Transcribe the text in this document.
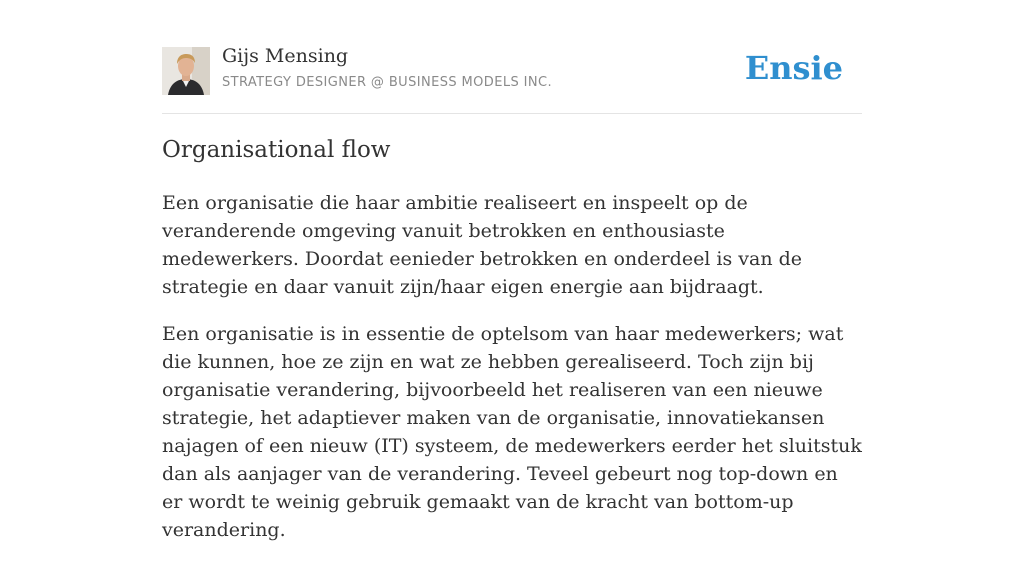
Gijs Mensing
STRATEGY DESIGNER @ BUSINESS MODELS INC.	Ensie
Organisational flow

Een organisatie die haar ambitie realiseert en inspeelt op de veranderende omgeving vanuit betrokken en enthousiaste medewerkers. Doordat eenieder betrokken en onderdeel is van de strategie en daar vanuit zijn/haar eigen energie aan bijdraagt.

Een organisatie is in essentie de optelsom van haar medewerkers; wat die kunnen, hoe ze zijn en wat ze hebben gerealiseerd. Toch zijn bij organisatie verandering, bijvoorbeeld het realiseren van een nieuwe strategie, het adaptiever maken van de organisatie, innovatiekansen najagen of een nieuw (IT) systeem, de medewerkers eerder het sluitstuk dan als aanjager van de verandering. Teveel gebeurt nog top-down en er wordt te weinig gebruik gemaakt van de kracht van bottom-up verandering.
